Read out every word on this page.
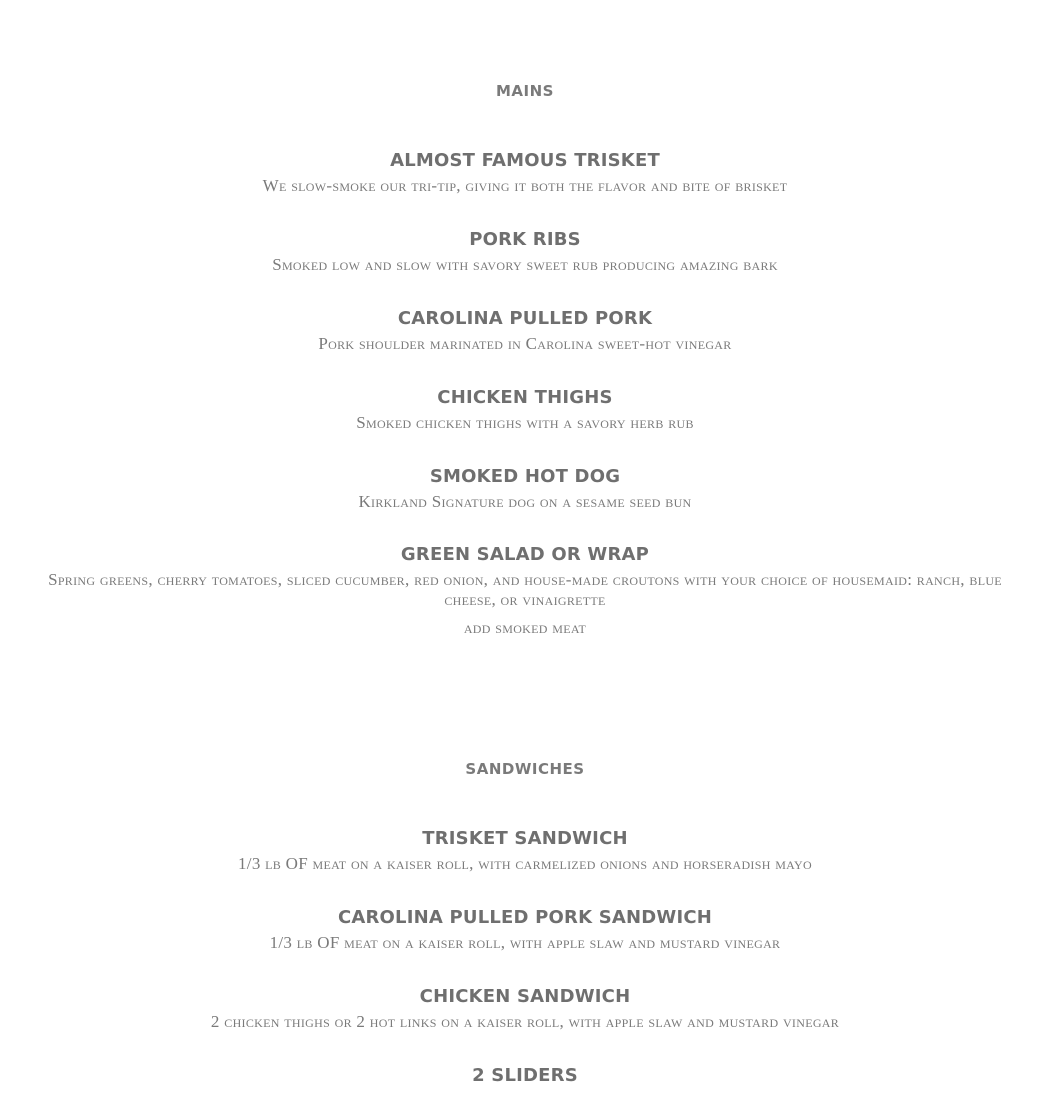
MAINS

ALMOST FAMOUS TRISKET

We slow-smoke our tri-tip, giving it both the flavor and bite of brisket

PORK RIBS

Smoked low and slow with savory sweet rub producing amazing bark

CAROLINA PULLED PORK

Pork shoulder marinated in Carolina sweet-hot vinegar

CHICKEN THIGHS

Smoked chicken thighs with a savory herb rub

SMOKED HOT DOG

Kirkland Signature dog on a sesame seed bun

GREEN SALAD OR WRAP

Spring greens, cherry tomatoes, sliced cucumber, red onion, and house-made croutons with your choice of housemaid: ranch, blue cheese, or vinaigrette

add smoked meat

SANDWICHES

TRISKET SANDWICH

1/3 lb OF meat on a kaiser roll, with carmelized onions and horseradish mayo

CAROLINA PULLED PORK SANDWICH

1/3 lb OF meat on a kaiser roll, with apple slaw and mustard vinegar

CHICKEN SANDWICH

2 chicken thighs or 2 hot links on a kaiser roll, with apple slaw and mustard vinegar

2 SLIDERS
